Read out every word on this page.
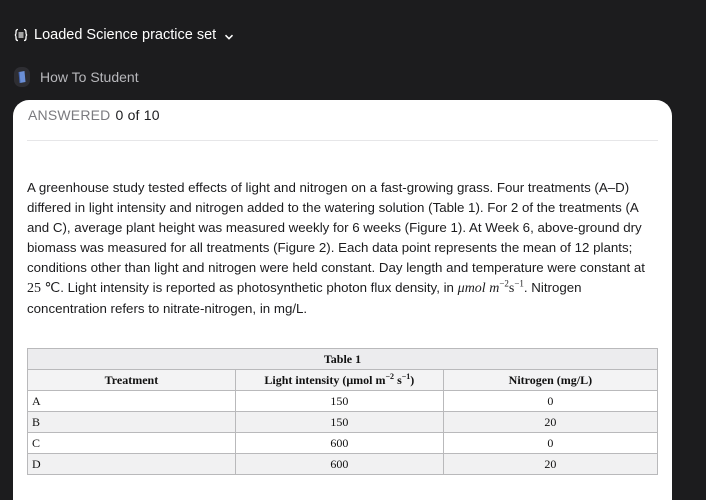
Loaded Science practice set
How To Student
ANSWERED 0 of 10
A greenhouse study tested effects of light and nitrogen on a fast-growing grass. Four treatments (A–D) differed in light intensity and nitrogen added to the watering solution (Table 1). For 2 of the treatments (A and C), average plant height was measured weekly for 6 weeks (Figure 1). At Week 6, above-ground dry biomass was measured for all treatments (Figure 2). Each data point represents the mean of 12 plants; conditions other than light and nitrogen were held constant. Day length and temperature were constant at 25 ℃. Light intensity is reported as photosynthetic photon flux density, in μmol $m^{-2}s^{-1}$. Nitrogen concentration refers to nitrate-nitrogen, in mg/L.
Table 1		
Treatment	Light intensity (μmol $m^{-2}$ $s^{-1}$)	Nitrogen (mg/L)
A	150	0
B	150	20
C	600	0
D	600	20
